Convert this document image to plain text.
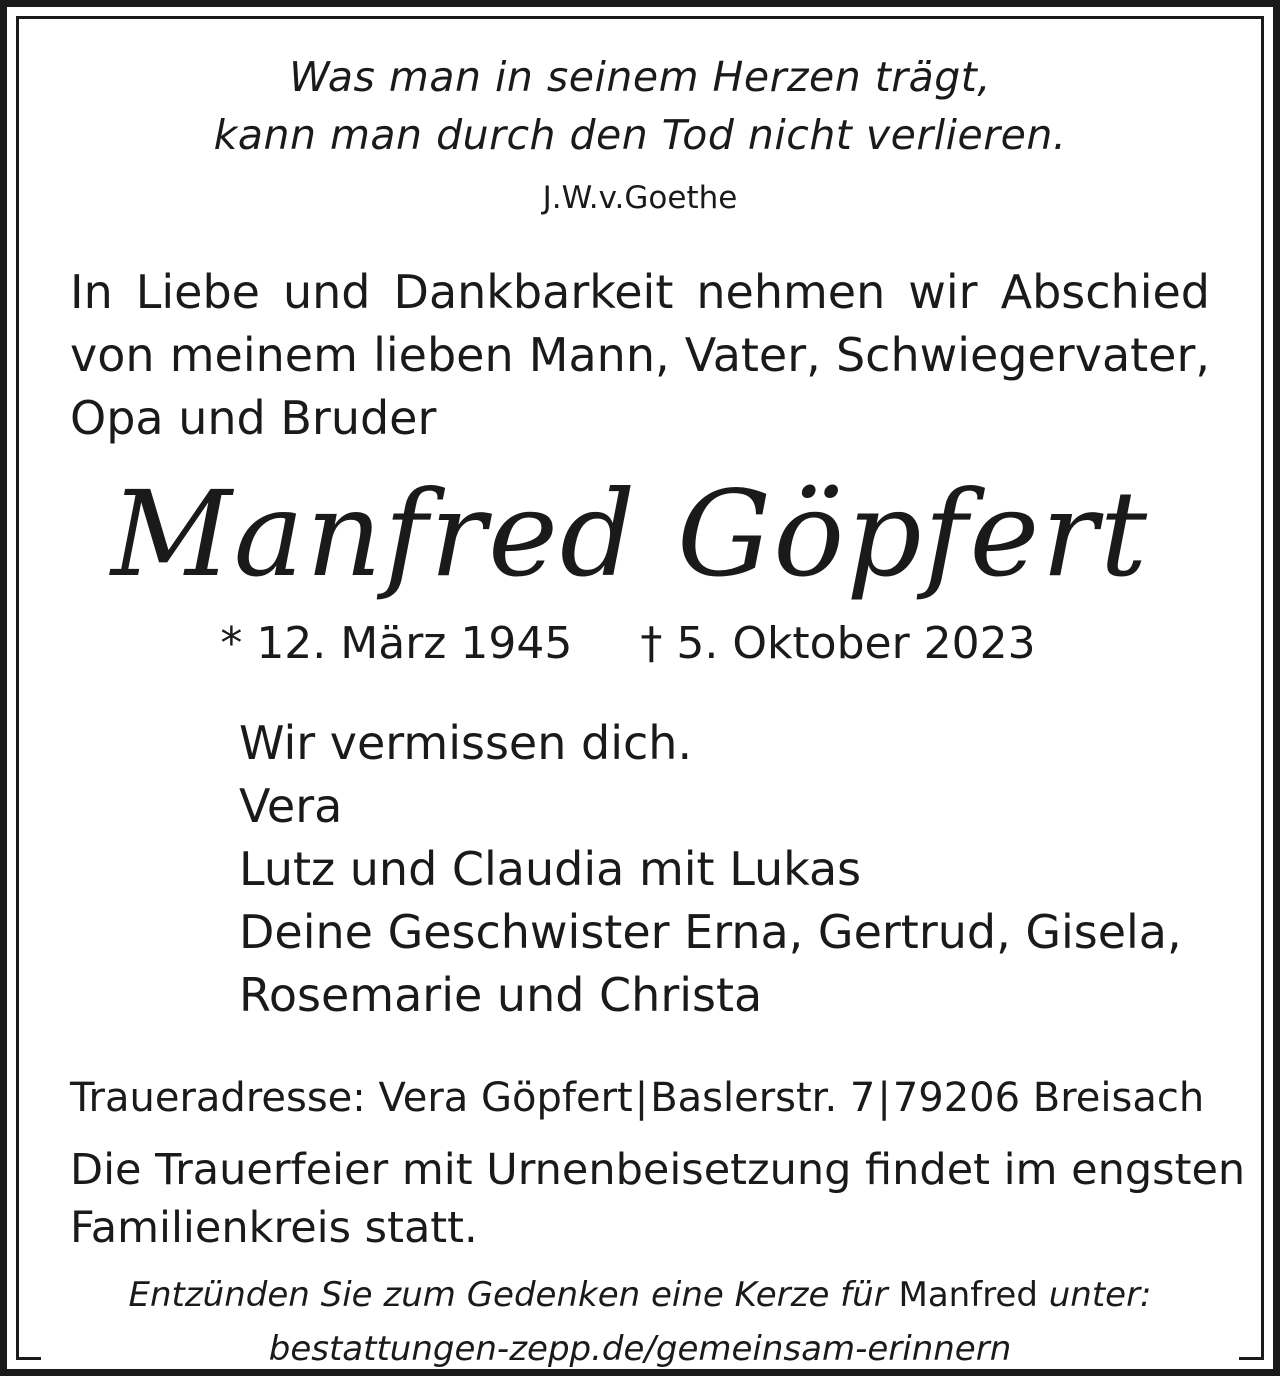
Was man in seinem Herzen trägt,
kann man durch den Tod nicht verlieren.
J.W.v.Goethe
In Liebe und Dankbarkeit nehmen wir Abschied
von meinem lieben Mann, Vater, Schwiegervater,
Opa und Bruder
Manfred Göpfert
* 12. März 1945 † 5. Oktober 2023
Wir vermissen dich.
Vera
Lutz und Claudia mit Lukas
Deine Geschwister Erna, Gertrud, Gisela,
Rosemarie und Christa
Traueradresse: Vera Göpfert|Baslerstr. 7|79206 Breisach
Die Trauerfeier mit Urnenbeisetzung findet im engsten
Familienkreis statt.
Entzünden Sie zum Gedenken eine Kerze für Manfred unter:
bestattungen-zepp.de/gemeinsam-erinnern
